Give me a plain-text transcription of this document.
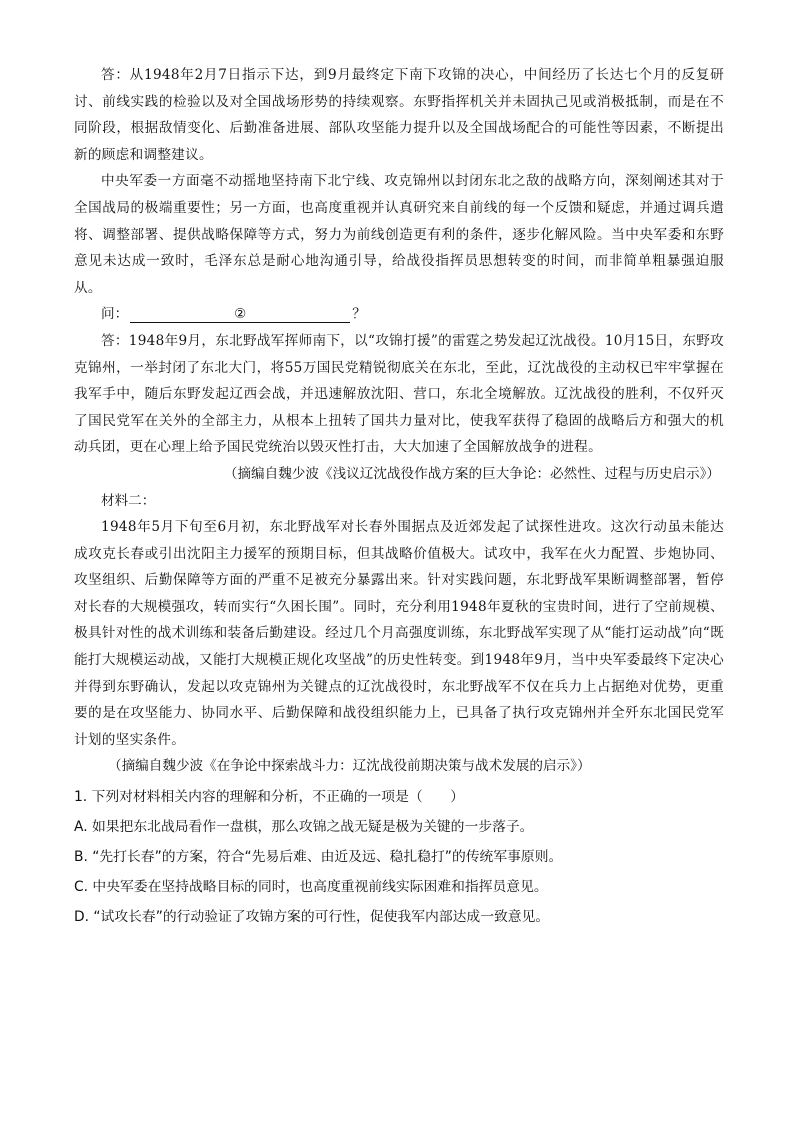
答：从1948年2月7日指示下达，到9月最终定下南下攻锦的决心，中间经历了长达七个月的反复研讨、前线实践的检验以及对全国战场形势的持续观察。东野指挥机关并未固执己见或消极抵制，而是在不同阶段，根据敌情变化、后勤准备进展、部队攻坚能力提升以及全国战场配合的可能性等因素，不断提出新的顾虑和调整建议。

中央军委一方面毫不动摇地坚持南下北宁线、攻克锦州以封闭东北之敌的战略方向，深刻阐述其对于全国战局的极端重要性；另一方面，也高度重视并认真研究来自前线的每一个反馈和疑虑，并通过调兵遣将、调整部署、提供战略保障等方式，努力为前线创造更有利的条件，逐步化解风险。当中央军委和东野意见未达成一致时，毛泽东总是耐心地沟通引导，给战役指挥员思想转变的时间，而非简单粗暴强迫服从。

问：	②	？

答：1948年9月，东北野战军挥师南下，以“攻锦打援”的雷霆之势发起辽沈战役。10月15日，东野攻克锦州，一举封闭了东北大门，将55万国民党精锐彻底关在东北，至此，辽沈战役的主动权已牢牢掌握在我军手中，随后东野发起辽西会战，并迅速解放沈阳、营口，东北全境解放。辽沈战役的胜利，不仅歼灭了国民党军在关外的全部主力，从根本上扭转了国共力量对比，使我军获得了稳固的战略后方和强大的机动兵团，更在心理上给予国民党统治以毁灭性打击，大大加速了全国解放战争的进程。

（摘编自魏少波《浅议辽沈战役作战方案的巨大争论：必然性、过程与历史启示》）

材料二：

1948年5月下旬至6月初，东北野战军对长春外围据点及近郊发起了试探性进攻。这次行动虽未能达成攻克长春或引出沈阳主力援军的预期目标，但其战略价值极大。试攻中，我军在火力配置、步炮协同、攻坚组织、后勤保障等方面的严重不足被充分暴露出来。针对实践问题，东北野战军果断调整部署，暂停对长春的大规模强攻，转而实行“久困长围”。同时，充分利用1948年夏秋的宝贵时间，进行了空前规模、极具针对性的战术训练和装备后勤建设。经过几个月高强度训练，东北野战军实现了从“能打运动战”向“既能打大规模运动战，又能打大规模正规化攻坚战”的历史性转变。到1948年9月，当中央军委最终下定决心并得到东野确认，发起以攻克锦州为关键点的辽沈战役时，东北野战军不仅在兵力上占据绝对优势，更重要的是在攻坚能力、协同水平、后勤保障和战役组织能力上，已具备了执行攻克锦州并全歼东北国民党军计划的坚实条件。

（摘编自魏少波《在争论中探索战斗力：辽沈战役前期决策与战术发展的启示》）

1. 下列对材料相关内容的理解和分析，不正确的一项是（　　）

A. 如果把东北战局看作一盘棋，那么攻锦之战无疑是极为关键的一步落子。

B. “先打长春”的方案，符合“先易后难、由近及远、稳扎稳打”的传统军事原则。

C. 中央军委在坚持战略目标的同时，也高度重视前线实际困难和指挥员意见。

D. “试攻长春”的行动验证了攻锦方案的可行性，促使我军内部达成一致意见。
